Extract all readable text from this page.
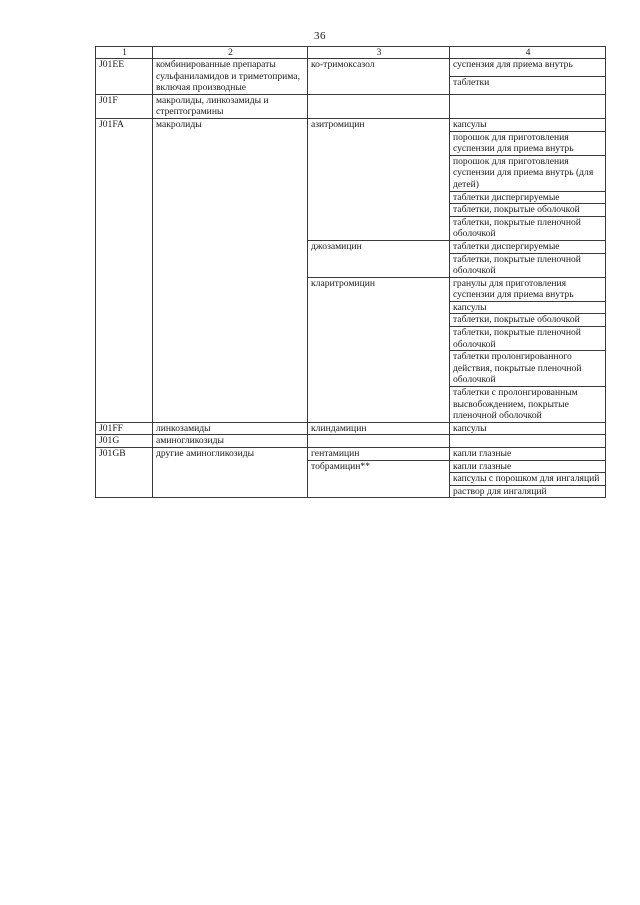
36
1	2	3	4
J01EE	комбинированные препараты сульфаниламидов и триметоприма, включая производные	ко-тримоксазол	суспензия для приема внутрь
			таблетки
J01F	макролиды, линкозамиды и стрептограмины		
J01FA	макролиды	азитромицин	капсулы
			порошок для приготовления суспензии для приема внутрь
			порошок для приготовления суспензии для приема внутрь (для детей)
			таблетки диспергируемые
			таблетки, покрытые оболочкой
			таблетки, покрытые пленочной оболочкой
		джозамицин	таблетки диспергируемые
			таблетки, покрытые пленочной оболочкой
		кларитромицин	гранулы для приготовления суспензии для приема внутрь
			капсулы
			таблетки, покрытые оболочкой
			таблетки, покрытые пленочной оболочкой
			таблетки пролонгированного действия, покрытые пленочной оболочкой
			таблетки с пролонгированным высвобождением, покрытые пленочной оболочкой
J01FF	линкозамиды	клиндамицин	капсулы
J01G	аминогликозиды		
J01GB	другие аминогликозиды	гентамицин	капли глазные
		тобрамицин**	капли глазные
			капсулы с порошком для ингаляций
			раствор для ингаляций
